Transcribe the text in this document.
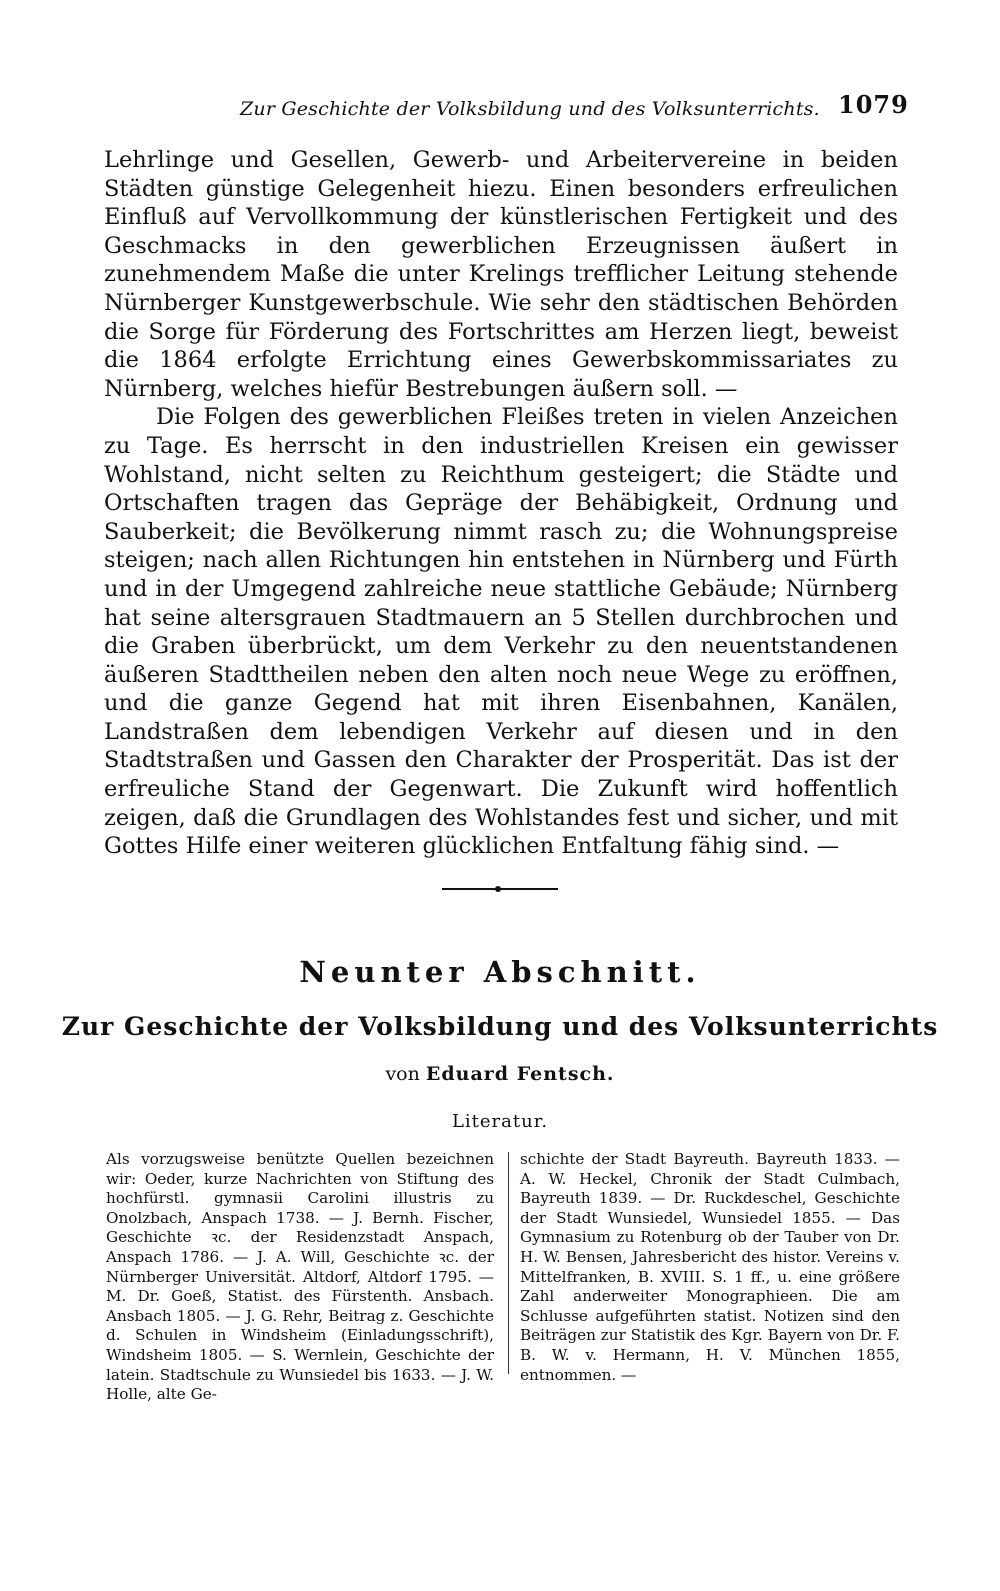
Zur Geschichte der Volksbildung und des Volksunterrichts. 1079

Lehrlinge und Gesellen, Gewerb- und Arbeitervereine in beiden Städten günstige Gelegenheit hiezu. Einen besonders erfreulichen Einfluß auf Vervollkommung der künstlerischen Fertigkeit und des Geschmacks in den gewerblichen Erzeugnissen äußert in zunehmendem Maße die unter Krelings trefflicher Leitung stehende Nürnberger Kunstgewerbschule. Wie sehr den städtischen Behörden die Sorge für Förderung des Fortschrittes am Herzen liegt, beweist die 1864 erfolgte Errichtung eines Gewerbskommissariates zu Nürnberg, welches hiefür Bestrebungen äußern soll. —

Die Folgen des gewerblichen Fleißes treten in vielen Anzeichen zu Tage. Es herrscht in den industriellen Kreisen ein gewisser Wohlstand, nicht selten zu Reichthum gesteigert; die Städte und Ortschaften tragen das Gepräge der Behäbigkeit, Ordnung und Sauberkeit; die Bevölkerung nimmt rasch zu; die Wohnungspreise steigen; nach allen Richtungen hin entstehen in Nürnberg und Fürth und in der Umgegend zahlreiche neue stattliche Gebäude; Nürnberg hat seine altersgrauen Stadtmauern an 5 Stellen durchbrochen und die Graben überbrückt, um dem Verkehr zu den neuentstandenen äußeren Stadttheilen neben den alten noch neue Wege zu eröffnen, und die ganze Gegend hat mit ihren Eisenbahnen, Kanälen, Landstraßen dem lebendigen Verkehr auf diesen und in den Stadtstraßen und Gassen den Charakter der Prosperität. Das ist der erfreuliche Stand der Gegenwart. Die Zukunft wird hoffentlich zeigen, daß die Grundlagen des Wohlstandes fest und sicher, und mit Gottes Hilfe einer weiteren glücklichen Entfaltung fähig sind. —

Neunter Abschnitt.
Zur Geschichte der Volksbildung und des Volksunterrichts
von Eduard Fentsch.
Literatur.

Als vorzugsweise benützte Quellen bezeichnen wir: Oeder, kurze Nachrichten von Stiftung des hochfürstl. gymnasii Carolini illustris zu Onolzbach, Anspach 1738. — J. Bernh. Fischer, Geschichte ꝛc. der Residenzstadt Anspach, Anspach 1786. — J. A. Will, Geschichte ꝛc. der Nürnberger Universität. Altdorf, Altdorf 1795. — M. Dr. Goeß, Statist. des Fürstenth. Ansbach. Ansbach 1805. — J. G. Rehr, Beitrag z. Geschichte d. Schulen in Windsheim (Einladungsschrift), Windsheim 1805. — S. Wernlein, Geschichte der latein. Stadtschule zu Wunsiedel bis 1633. — J. W. Holle, alte Ge-

schichte der Stadt Bayreuth. Bayreuth 1833. — A. W. Heckel, Chronik der Stadt Culmbach, Bayreuth 1839. — Dr. Ruckdeschel, Geschichte der Stadt Wunsiedel, Wunsiedel 1855. — Das Gymnasium zu Rotenburg ob der Tauber von Dr. H. W. Bensen, Jahresbericht des histor. Vereins v. Mittelfranken, B. XVIII. S. 1 ff., u. eine größere Zahl anderweiter Monographieen. Die am Schlusse aufgeführten statist. Notizen sind den Beiträgen zur Statistik des Kgr. Bayern von Dr. F. B. W. v. Hermann, H. V. München 1855, entnommen. —
